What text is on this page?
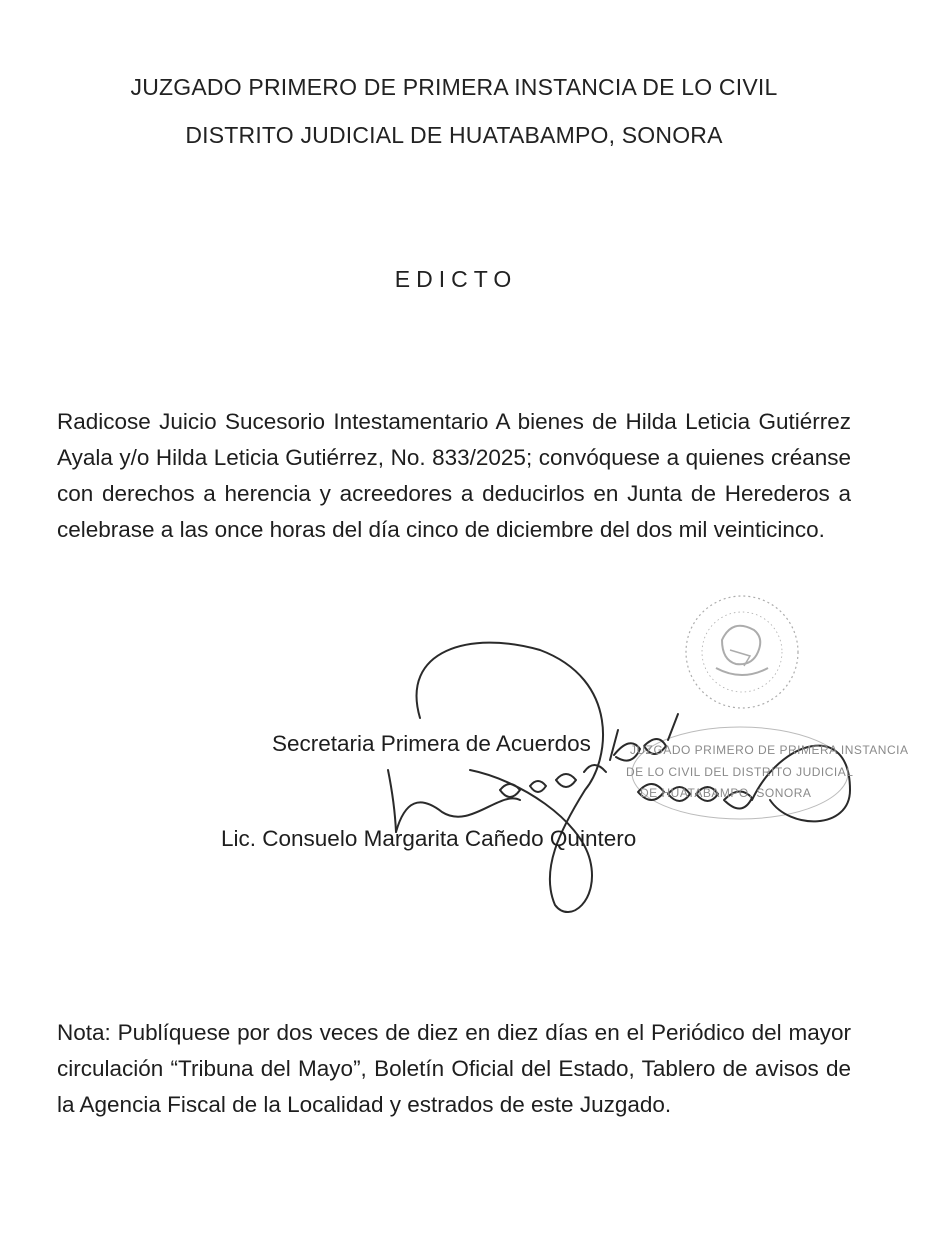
JUZGADO PRIMERO DE PRIMERA INSTANCIA DE LO CIVIL
DISTRITO JUDICIAL DE HUATABAMPO, SONORA
EDICTO
Radicose Juicio Sucesorio Intestamentario A bienes de Hilda Leticia Gutiérrez Ayala y/o Hilda Leticia Gutiérrez, No. 833/2025; convóquese a quienes créanse con derechos a herencia y acreedores a deducirlos en Junta de Herederos a celebrase a las once horas del día cinco de diciembre del dos mil veinticinco.
JUZGADO PRIMERO DE PRIMERA INSTANCIA
DE LO CIVIL DEL DISTRITO JUDICIAL
DE HUATABAMPO, SONORA
Secretaria Primera de Acuerdos
Lic. Consuelo Margarita Cañedo Quintero
Nota: Publíquese por dos veces de diez en diez días en el Periódico del mayor circulación “Tribuna del Mayo”, Boletín Oficial del Estado, Tablero de avisos de la Agencia Fiscal de la Localidad y estrados de este Juzgado.
